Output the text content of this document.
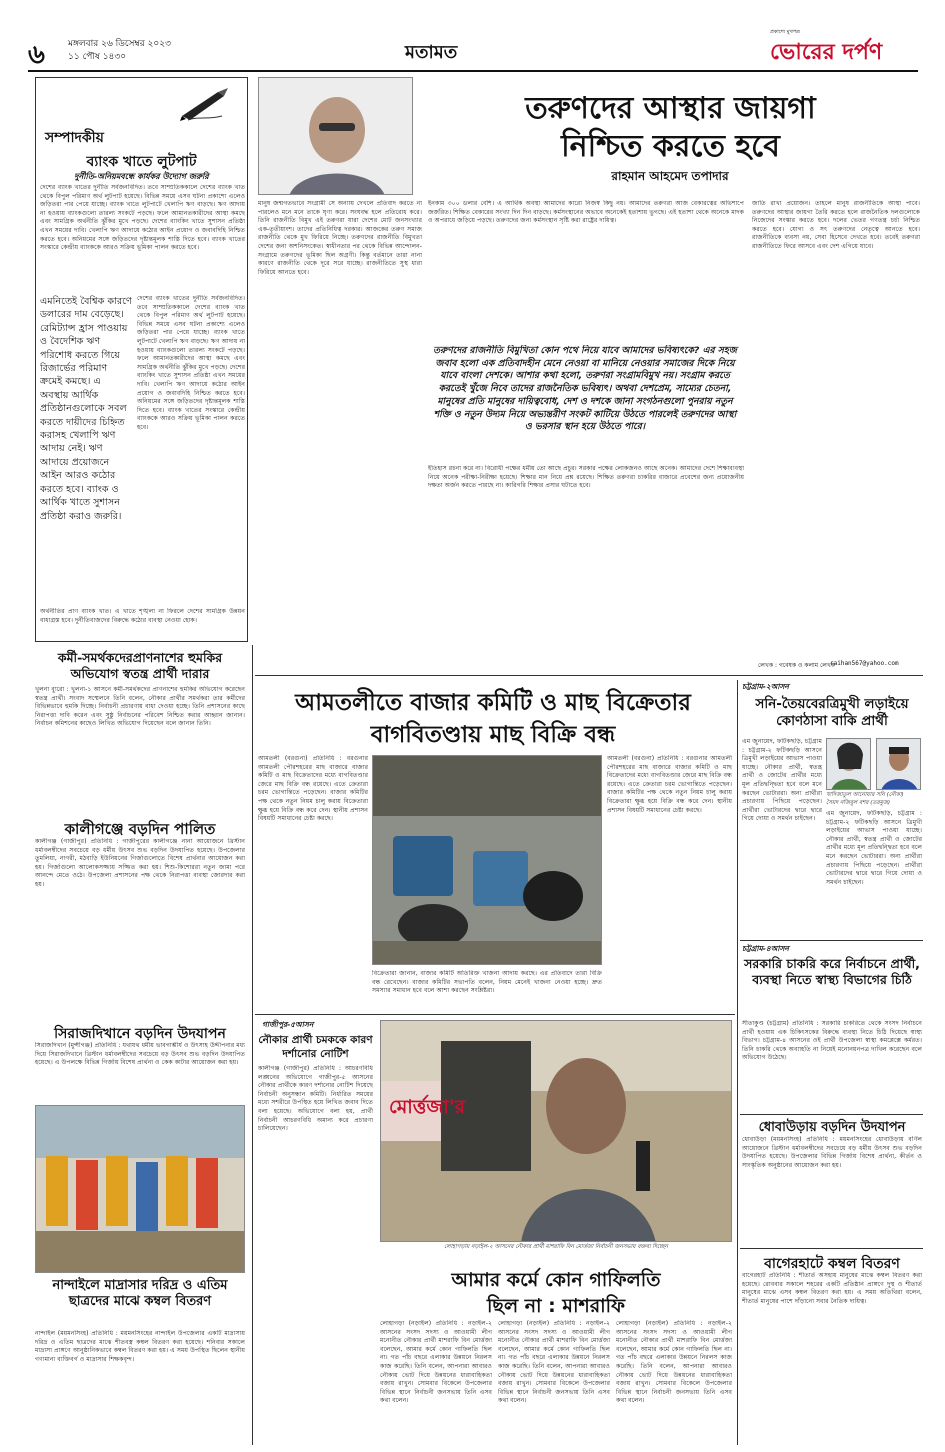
৬	মঙ্গলবার ২৬ ডিসেম্বর ২০২৩
১১ পৌষ ১৪৩০	মতামত
প্রকাশ্যে মুখপত্র
ভোরের দর্পণ
সম্পাদকীয়
ব্যাংক খাতে লুটপাট
দুর্নীতি-অনিয়মবন্ধে কার্যকর উদ্যোগ জরুরি
দেশের ব্যাংক খাতের দুর্নীতি সর্বজনবিদিত। তবে সাম্প্রতিককালে দেশের ব্যাংক খাত থেকে বিপুল পরিমাণ অর্থ লুটপাট হয়েছে। বিভিন্ন সময়ে এসব ঘটনা প্রকাশ্যে এলেও জড়িতরা পার পেয়ে যাচ্ছে। ব্যাংক খাতে লুটপাটে খেলাপি ঋণ বাড়ছে। ঋণ আদায় না হওয়ায় ব্যাংকগুলো তারল্য সংকটে পড়ছে। ফলে আমানতকারীদের আস্থা কমছে এবং সামগ্রিক অর্থনীতি ঝুঁকির মুখে পড়ছে। দেশের ব্যাংকিং খাতে সুশাসন প্রতিষ্ঠা এখন সময়ের দাবি। খেলাপি ঋণ আদায়ে কঠোর আইন প্রয়োগ ও জবাবদিহি নিশ্চিত করতে হবে। অনিয়মের সঙ্গে জড়িতদের দৃষ্টান্তমূলক শাস্তি দিতে হবে। ব্যাংক খাতের সংস্কারে কেন্দ্রীয় ব্যাংককে আরও সক্রিয় ভূমিকা পালন করতে হবে।
এমনিতেই বৈশ্বিক কারণে ডলারের দাম বেড়েছে। রেমিট্যান্স হ্রাস পাওয়ায় ও বৈদেশিক ঋণ পরিশোধ করতে গিয়ে রিজার্ভের পরিমাণ ক্রমেই কমছে। এ অবস্থায় আর্থিক প্রতিষ্ঠানগুলোকে সবল করতে দায়ীদের চিহ্নিত করাসহ খেলাপি ঋণ আদায় নেই। ঋণ আদায়ে প্রয়োজনে আইন আরও কঠোর করতে হবে। ব্যাংক ও আর্থিক খাতে সুশাসন প্রতিষ্ঠা করাও জরুরি।
দেশের ব্যাংক খাতের দুর্নীতি সর্বজনবিদিত। তবে সাম্প্রতিককালে দেশের ব্যাংক খাত থেকে বিপুল পরিমাণ অর্থ লুটপাট হয়েছে। বিভিন্ন সময়ে এসব ঘটনা প্রকাশ্যে এলেও জড়িতরা পার পেয়ে যাচ্ছে। ব্যাংক খাতে লুটপাটে খেলাপি ঋণ বাড়ছে। ঋণ আদায় না হওয়ায় ব্যাংকগুলো তারল্য সংকটে পড়ছে। ফলে আমানতকারীদের আস্থা কমছে এবং সামগ্রিক অর্থনীতি ঝুঁকির মুখে পড়ছে। দেশের ব্যাংকিং খাতে সুশাসন প্রতিষ্ঠা এখন সময়ের দাবি। খেলাপি ঋণ আদায়ে কঠোর আইন প্রয়োগ ও জবাবদিহি নিশ্চিত করতে হবে। অনিয়মের সঙ্গে জড়িতদের দৃষ্টান্তমূলক শাস্তি দিতে হবে। ব্যাংক খাতের সংস্কারে কেন্দ্রীয় ব্যাংককে আরও সক্রিয় ভূমিকা পালন করতে হবে।
অর্থনীতির প্রাণ ব্যাংক খাত। এ খাতে শৃঙ্খলা না ফিরলে দেশের সামগ্রিক উন্নয়ন বাধাগ্রস্ত হবে। দুর্নীতিবাজদের বিরুদ্ধে কঠোর ব্যবস্থা নেওয়া হোক।
তরুণদের আস্থার জায়গা
নিশ্চিত করতে হবে
রাহমান আহমেদ তপাদার
মানুষ জন্মগতভাবে সংগ্রামী সে অন্যায় দেখলে প্রতিবাদ করতে না পারলেও মনে মনে তাকে ঘৃণা করে। সংঘবদ্ধ হলে প্রতিরোধ করে। তিনি রাজনীতি বিমুখ এই তরুণরা যারা দেশের মোট জনসংখ্যার এক-তৃতীয়াংশ। তাদের প্রতিনিধিত্ব দরকার। আজকের তরুণ সমাজ রাজনীতি থেকে মুখ ফিরিয়ে নিচ্ছে। তরুণদের রাজনীতি বিমুখতা দেশের জন্য অশনিসংকেত। স্বাধীনতার পর থেকে বিভিন্ন আন্দোলন-সংগ্রামে তরুণদের ভূমিকা ছিল অগ্রণী। কিন্তু বর্তমানে তারা নানা কারণে রাজনীতি থেকে দূরে সরে যাচ্ছে। রাজনীতিতে সুস্থ ধারা ফিরিয়ে আনতে হবে।
ইনকাম ৩০০ ডলার বেশি। এ আর্থিক অবস্থা আমাদের কারো নিজস্ব কিছু নয়। আমাদের তরুণরা আজ বেকারত্বের অভিশাপে জর্জরিত। শিক্ষিত বেকারের সংখ্যা দিন দিন বাড়ছে। কর্মসংস্থানের অভাবে অনেকেই হতাশায় ভুগছে। এই হতাশা থেকে অনেকে মাদক ও অপরাধে জড়িয়ে পড়ছে। তরুণদের জন্য কর্মসংস্থান সৃষ্টি করা রাষ্ট্রের দায়িত্ব।
জাতি রাখা প্রয়োজন। তাহলে মানুষ রাজনীতিকে আস্থা পাবে। তরুণদের আস্থার জায়গা তৈরি করতে হলে রাজনৈতিক দলগুলোকে নিজেদের সংস্কার করতে হবে। দলের ভেতর গণতন্ত্র চর্চা নিশ্চিত করতে হবে। যোগ্য ও সৎ তরুণদের নেতৃত্বে আনতে হবে। রাজনীতিকে ব্যবসা নয়, সেবা হিসেবে দেখতে হবে। তবেই তরুণরা রাজনীতিতে ফিরে আসবে এবং দেশ এগিয়ে যাবে।
তরুণদের রাজনীতি বিমুখিতা কোন পথে নিয়ে যাবে আমাদের ভবিষ্যৎকে? এর সহজ জবাব হলো এক প্রতিবাদহীন মেনে নেওয়া বা মানিয়ে নেওয়ার সমাজের দিকে নিয়ে যাবে বাংলা দেশকে। আশার কথা হলো, তরুণরা সংগ্রামবিমুখ নয়। সংগ্রাম করতে করতেই খুঁজে নিবে তাদের রাজনৈতিক ভবিষ্যৎ। অথবা দেশপ্রেম, সাম্যের চেতনা, মানুষের প্রতি মানুষের দায়িত্ববোধ, দেশ ও দশকে জানা সংগঠনগুলো পুনরায় নতুন শক্তি ও নতুন উদ্যম নিয়ে অভ্যন্তরীণ সংকট কাটিয়ে উঠতে পারলেই তরুণদের আস্থা ও ভরসার স্থান হয়ে উঠতে পারে।
ইতিহাস রচনা করে না। বিরোধী পক্ষের ধর্মীয় তো আছে প্রচুর। সরকার পক্ষের লোকজনও আছে অনেক। আমাদের দেশে শিক্ষাব্যবস্থা নিয়ে অনেক পরীক্ষা-নিরীক্ষা হয়েছে। শিক্ষার মান নিয়ে প্রশ্ন রয়েছে। শিক্ষিত তরুণরা চাকরির বাজারে প্রবেশের জন্য প্রয়োজনীয় দক্ষতা অর্জন করতে পারছে না। কারিগরি শিক্ষার প্রসার ঘটাতে হবে।
লেখক : গবেষক ও কলাম লেখক
raihan567@yahoo.com
কর্মী-সমর্থকদেরপ্রাণনাশের হুমকির অভিযোগ স্বতন্ত্র প্রার্থী দারার
খুলনা ব্যুরো : খুলনা-১ আসনে কর্মী-সমর্থকদের প্রাণনাশের হুমকির অভিযোগ করেছেন স্বতন্ত্র প্রার্থী। সংবাদ সম্মেলনে তিনি বলেন, নৌকার প্রার্থীর সমর্থকরা তার কর্মীদের বিভিন্নভাবে হুমকি দিচ্ছে। নির্বাচনী প্রচারণায় বাধা দেওয়া হচ্ছে। তিনি প্রশাসনের কাছে নিরাপত্তা দাবি করেন এবং সুষ্ঠু নির্বাচনের পরিবেশ নিশ্চিত করার আহ্বান জানান। নির্বাচন কমিশনের কাছেও লিখিত অভিযোগ দিয়েছেন বলে জানান তিনি।
কালীগঞ্জে বড়দিন পালিত
কালীগঞ্জ (গাজীপুর) প্রতিনিধি : গাজীপুরের কালীগঞ্জে নানা আয়োজনে খ্রিস্টান ধর্মাবলম্বীদের সবচেয়ে বড় ধর্মীয় উৎসব শুভ বড়দিন উদযাপিত হয়েছে। উপজেলার তুমলিয়া, নাগরী, মঠবাড়ি ইউনিয়নের গির্জাগুলোতে বিশেষ প্রার্থনার আয়োজন করা হয়। গির্জাগুলো আলোকসজ্জায় সজ্জিত করা হয়। শিশু-কিশোররা নতুন জামা পরে আনন্দে মেতে ওঠে। উপজেলা প্রশাসনের পক্ষ থেকে নিরাপত্তা ব্যবস্থা জোরদার করা হয়।
সিরাজদিখানে বড়দিন উদযাপন
সিরাজদিখান (মুন্সীগঞ্জ) প্রতিনিধি : যথাযথ ধর্মীয় ভাবগাম্ভীর্য ও উৎসাহ উদ্দীপনার মধ্য দিয়ে সিরাজদিখানে খ্রিস্টান ধর্মাবলম্বীদের সবচেয়ে বড় উৎসব শুভ বড়দিন উদযাপিত হয়েছে। এ উপলক্ষে বিভিন্ন গির্জায় বিশেষ প্রার্থনা ও কেক কাটার আয়োজন করা হয়।
নান্দাইলে মাদ্রাসার দরিদ্র ও এতিম ছাত্রদের মাঝে কম্বল বিতরণ
নান্দাইল (ময়মনসিংহ) প্রতিনিধি : ময়মনসিংহের নান্দাইল উপজেলার একটি মাদ্রাসায় দরিদ্র ও এতিম ছাত্রদের মাঝে শীতবস্ত্র কম্বল বিতরণ করা হয়েছে। শনিবার সকালে মাদ্রাসা প্রাঙ্গণে আনুষ্ঠানিকভাবে কম্বল বিতরণ করা হয়। এ সময় উপস্থিত ছিলেন স্থানীয় গণ্যমান্য ব্যক্তিবর্গ ও মাদ্রাসার শিক্ষকবৃন্দ।
আমতলীতে বাজার কমিটি ও মাছ বিক্রেতার
বাগবিতণ্ডায় মাছ বিক্রি বন্ধ
আমতলী (বরগুনা) প্রতিনিধি : বরগুনার আমতলী পৌরশহরের মাছ বাজারে বাজার কমিটি ও মাছ বিক্রেতাদের মধ্যে বাগবিতণ্ডার জেরে মাছ বিক্রি বন্ধ রয়েছে। এতে ক্রেতারা চরম ভোগান্তিতে পড়েছেন। বাজার কমিটির পক্ষ থেকে নতুন নিয়ম চালু করায় বিক্রেতারা ক্ষুব্ধ হয়ে বিক্রি বন্ধ করে দেন। স্থানীয় প্রশাসন বিষয়টি সমাধানের চেষ্টা করছে।
বিক্রেতারা জানান, বাজার কমিটি অতিরিক্ত খাজনা আদায় করছে। এর প্রতিবাদে তারা বিক্রি বন্ধ রেখেছেন। বাজার কমিটির সভাপতি বলেন, নিয়ম মেনেই খাজনা নেওয়া হচ্ছে। দ্রুত সমস্যার সমাধান হবে বলে আশা করছেন সংশ্লিষ্টরা।
আমতলী (বরগুনা) প্রতিনিধি : বরগুনার আমতলী পৌরশহরের মাছ বাজারে বাজার কমিটি ও মাছ বিক্রেতাদের মধ্যে বাগবিতণ্ডার জেরে মাছ বিক্রি বন্ধ রয়েছে। এতে ক্রেতারা চরম ভোগান্তিতে পড়েছেন। বাজার কমিটির পক্ষ থেকে নতুন নিয়ম চালু করায় বিক্রেতারা ক্ষুব্ধ হয়ে বিক্রি বন্ধ করে দেন। স্থানীয় প্রশাসন বিষয়টি সমাধানের চেষ্টা করছে।
গাজীপুর-৫আসন
নৌকার প্রার্থী চমককে কারণ দর্শানোর নোটিশ
কালীগঞ্জ (গাজীপুর) প্রতিনিধি : আচরণবিধি লঙ্ঘনের অভিযোগে গাজীপুর-৫ আসনের নৌকার প্রার্থীকে কারণ দর্শানোর নোটিশ দিয়েছে নির্বাচনী অনুসন্ধান কমিটি। নির্ধারিত সময়ের মধ্যে সশরীরে উপস্থিত হয়ে লিখিত জবাব দিতে বলা হয়েছে। অভিযোগে বলা হয়, প্রার্থী নির্বাচনী আচরণবিধি অমান্য করে প্রচারণা চালিয়েছেন।
মোর্ত্তজা'র
লোহাগড়ায় নড়াইল-২ আসনের নৌকার প্রার্থী মাশরাফি বিন মোর্ত্তজা নির্বাচনী জনসভায় বক্তব্য দিচ্ছেন
আমার কর্মে কোন গাফিলতি
ছিল না : মাশরাফি
লোহাগড়া (নড়াইল) প্রতিনিধি : নড়াইল-২ আসনের সংসদ সদস্য ও আওয়ামী লীগ মনোনীত নৌকার প্রার্থী মাশরাফি বিন মোর্ত্তজা বলেছেন, আমার কর্মে কোন গাফিলতি ছিল না। গত পাঁচ বছরে এলাকার উন্নয়নে নিরলস কাজ করেছি। তিনি বলেন, আপনারা আবারও নৌকায় ভোট দিয়ে উন্নয়নের ধারাবাহিকতা বজায় রাখুন। সোমবার বিকেলে উপজেলার বিভিন্ন স্থানে নির্বাচনী জনসভায় তিনি এসব কথা বলেন।
লোহাগড়া (নড়াইল) প্রতিনিধি : নড়াইল-২ আসনের সংসদ সদস্য ও আওয়ামী লীগ মনোনীত নৌকার প্রার্থী মাশরাফি বিন মোর্ত্তজা বলেছেন, আমার কর্মে কোন গাফিলতি ছিল না। গত পাঁচ বছরে এলাকার উন্নয়নে নিরলস কাজ করেছি। তিনি বলেন, আপনারা আবারও নৌকায় ভোট দিয়ে উন্নয়নের ধারাবাহিকতা বজায় রাখুন। সোমবার বিকেলে উপজেলার বিভিন্ন স্থানে নির্বাচনী জনসভায় তিনি এসব কথা বলেন।
লোহাগড়া (নড়াইল) প্রতিনিধি : নড়াইল-২ আসনের সংসদ সদস্য ও আওয়ামী লীগ মনোনীত নৌকার প্রার্থী মাশরাফি বিন মোর্ত্তজা বলেছেন, আমার কর্মে কোন গাফিলতি ছিল না। গত পাঁচ বছরে এলাকার উন্নয়নে নিরলস কাজ করেছি। তিনি বলেন, আপনারা আবারও নৌকায় ভোট দিয়ে উন্নয়নের ধারাবাহিকতা বজায় রাখুন। সোমবার বিকেলে উপজেলার বিভিন্ন স্থানে নির্বাচনী জনসভায় তিনি এসব কথা বলেন।
চট্টগ্রাম-২আসন
সনি-তৈয়বেরত্রিমুখী লড়াইয়ে কোণঠাসা বাকি প্রার্থী
এম জুনায়েদ, ফটিকছড়ি, চট্টগ্রাম : চট্টগ্রাম-২ ফটিকছড়ি আসনে ত্রিমুখী লড়াইয়ের আভাস পাওয়া যাচ্ছে। নৌকার প্রার্থী, স্বতন্ত্র প্রার্থী ও জোটের প্রার্থীর মধ্যে মূল প্রতিদ্বন্দ্বিতা হবে বলে মনে করছেন ভোটাররা। অন্য প্রার্থীরা প্রচারণায় পিছিয়ে পড়েছেন। প্রার্থীরা ভোটারদের দ্বারে দ্বারে গিয়ে দোয়া ও সমর্থন চাইছেন।
খাদিজাতুল আনোয়ার সনি (নৌকা)
সৈয়দ নজিবুল বশর (তরমুজ)
এম জুনায়েদ, ফটিকছড়ি, চট্টগ্রাম : চট্টগ্রাম-২ ফটিকছড়ি আসনে ত্রিমুখী লড়াইয়ের আভাস পাওয়া যাচ্ছে। নৌকার প্রার্থী, স্বতন্ত্র প্রার্থী ও জোটের প্রার্থীর মধ্যে মূল প্রতিদ্বন্দ্বিতা হবে বলে মনে করছেন ভোটাররা। অন্য প্রার্থীরা প্রচারণায় পিছিয়ে পড়েছেন। প্রার্থীরা ভোটারদের দ্বারে দ্বারে গিয়ে দোয়া ও সমর্থন চাইছেন।
চট্টগ্রাম-৪আসন
সরকারি চাকরি করে নির্বাচনে প্রার্থী, ব্যবস্থা নিতে স্বাস্থ্য বিভাগের চিঠি
সীতাকুণ্ড (চট্টগ্রাম) প্রতিনিধি : সরকারি চাকরিতে থেকে সংসদ নির্বাচনে প্রার্থী হওয়ায় এক চিকিৎসকের বিরুদ্ধে ব্যবস্থা নিতে চিঠি দিয়েছে স্বাস্থ্য বিভাগ। চট্টগ্রাম-৪ আসনের ওই প্রার্থী উপজেলা স্বাস্থ্য কমপ্লেক্সে কর্মরত। তিনি চাকরি থেকে অব্যাহতি না নিয়েই মনোনয়নপত্র দাখিল করেছেন বলে অভিযোগ উঠেছে।
ধোবাউড়ায় বড়দিন উদযাপন
ধোবাউড়া (ময়মনসিংহ) প্রতিনিধি : ময়মনসিংহের ধোবাউড়ায় বর্ণিল আয়োজনে খ্রিস্টান ধর্মাবলম্বীদের সবচেয়ে বড় ধর্মীয় উৎসব শুভ বড়দিন উদযাপিত হয়েছে। উপজেলার বিভিন্ন গির্জায় বিশেষ প্রার্থনা, কীর্তন ও সাংস্কৃতিক অনুষ্ঠানের আয়োজন করা হয়।
বাগেরহাটে কম্বল বিতরণ
বাগেরহাট প্রতিনিধি : শীতার্ত অসহায় মানুষের মাঝে কম্বল বিতরণ করা হয়েছে। রোববার সকালে শহরের একটি প্রতিষ্ঠান প্রাঙ্গণে দুস্থ ও শীতার্ত মানুষের মাঝে এসব কম্বল বিতরণ করা হয়। এ সময় অতিথিরা বলেন, শীতার্ত মানুষের পাশে দাঁড়ানো সবার নৈতিক দায়িত্ব।
